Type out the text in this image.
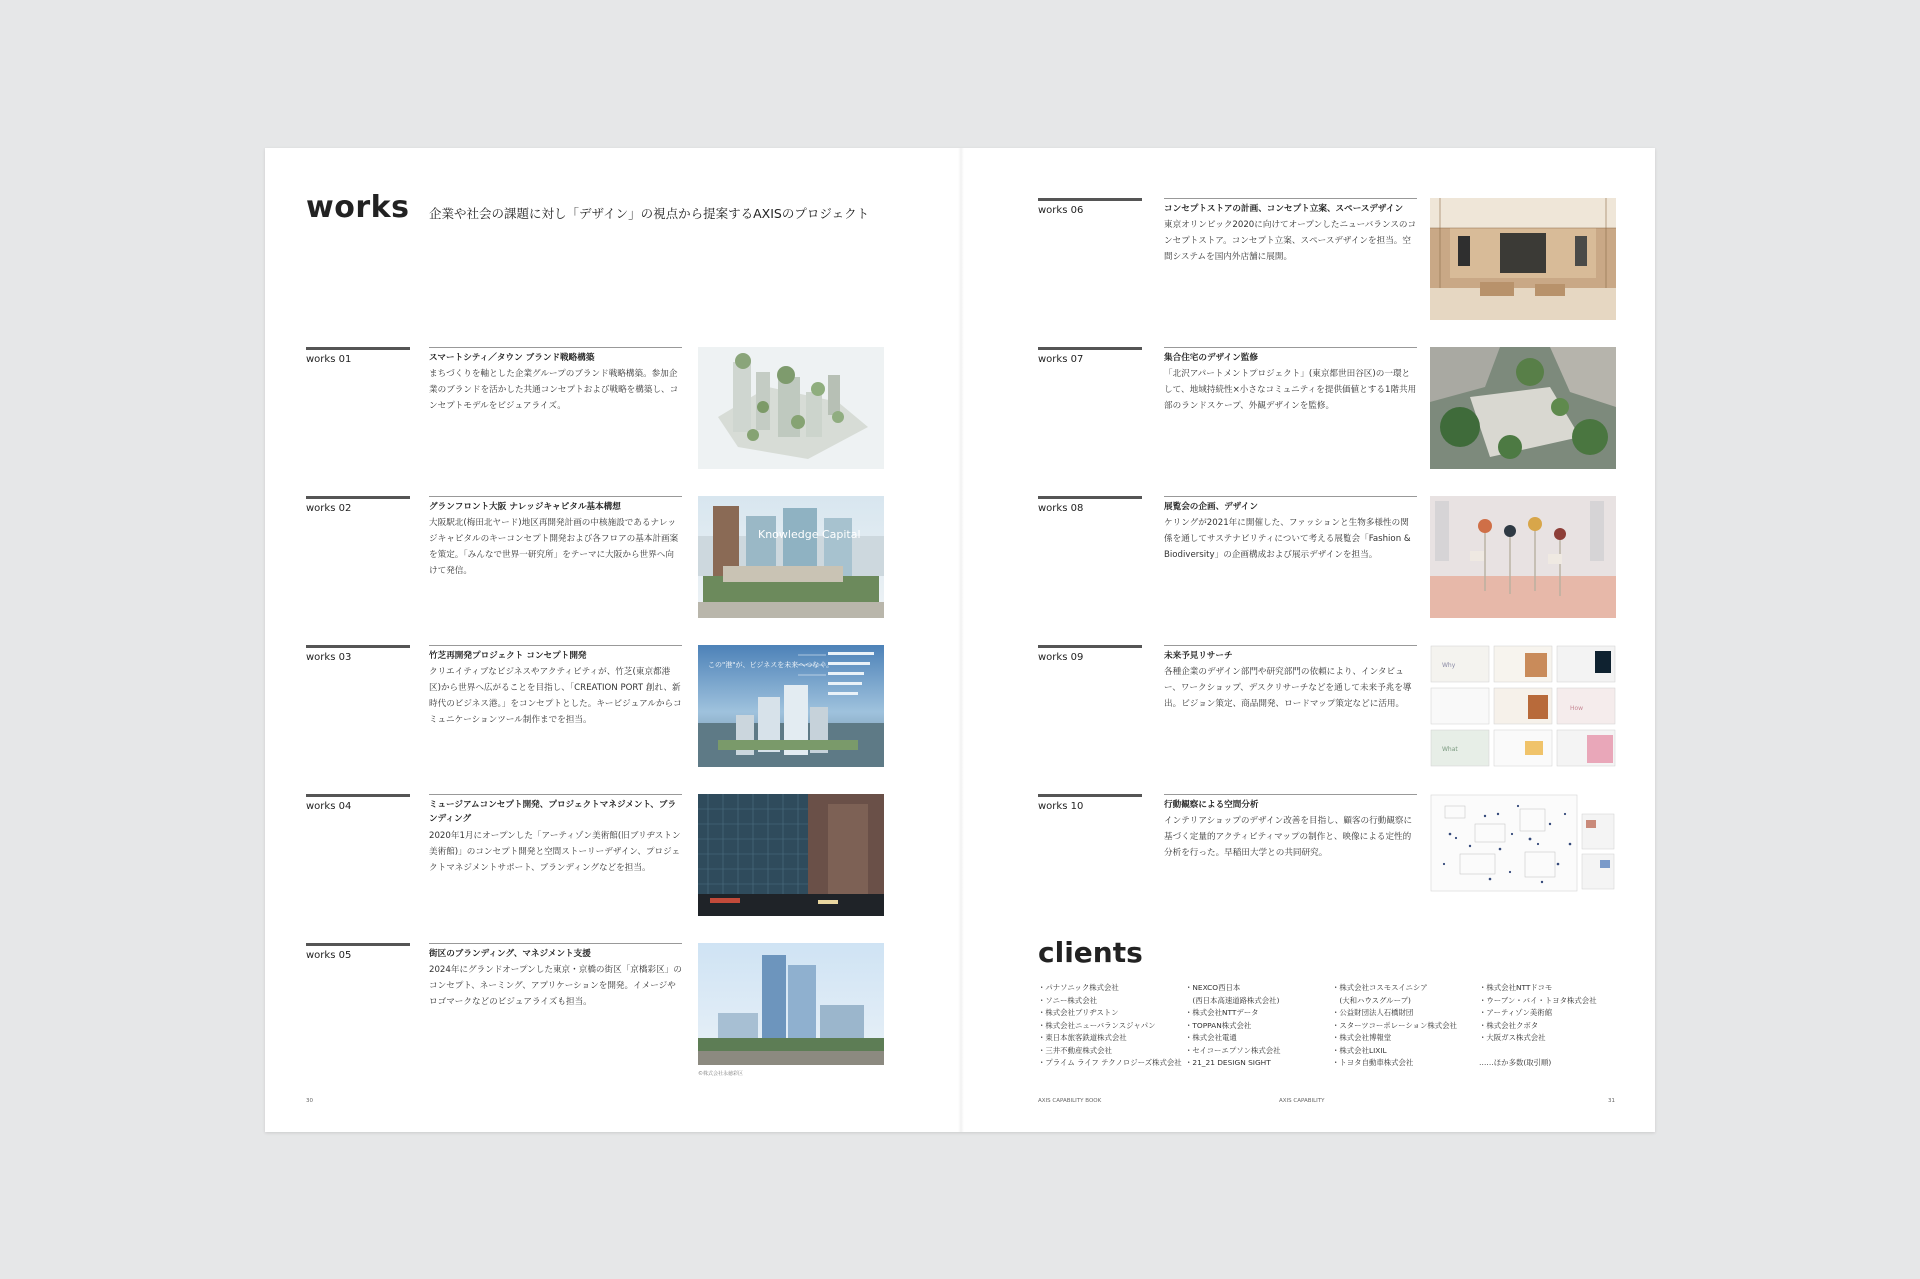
works 企業や社会の課題に対し「デザイン」の視点から提案するAXISのプロジェクト
works 01	スマートシティ／タウン ブランド戦略構築
まちづくりを軸とした企業グループのブランド戦略構築。参加企業のブランドを活かした共通コンセプトおよび戦略を構築し、コンセプトモデルをビジュアライズ。
works 02	グランフロント大阪 ナレッジキャピタル基本構想
大阪駅北(梅田北ヤード)地区再開発計画の中核施設であるナレッジキャピタルのキーコンセプト開発および各フロアの基本計画案を策定。「みんなで世界一研究所」をテーマに大阪から世界へ向けて発信。
Knowledge Capital
works 03	竹芝再開発プロジェクト コンセプト開発
クリエイティブなビジネスやアクティビティが、竹芝(東京都港区)から世界へ広がることを目指し、「CREATION PORT 創れ、新時代のビジネス港。」をコンセプトとした。キービジュアルからコミュニケーションツール制作までを担当。
この"港"が、ビジネスを未来へつなぐ。
works 04	ミュージアムコンセプト開発、プロジェクトマネジメント、ブランディング
2020年1月にオープンした「アーティゾン美術館(旧ブリヂストン美術館)」のコンセプト開発と空間ストーリーデザイン、プロジェクトマネジメントサポート、ブランディングなどを担当。
works 05	街区のブランディング、マネジメント支援
2024年にグランドオープンした東京・京橋の街区「京橋彩区」のコンセプト、ネーミング、アプリケーションを開発。イメージやロゴマークなどのビジュアライズも担当。
©株式会社永徳彩区
works 06	コンセプトストアの計画、コンセプト立案、スペースデザイン
東京オリンピック2020に向けてオープンしたニューバランスのコンセプトストア。コンセプト立案、スペースデザインを担当。空間システムを国内外店舗に展開。
works 07	集合住宅のデザイン監修
「北沢アパートメントプロジェクト」(東京都世田谷区)の一環として、地域持続性×小さなコミュニティを提供価値とする1階共用部のランドスケープ、外観デザインを監修。
works 08	展覧会の企画、デザイン
ケリングが2021年に開催した、ファッションと生物多様性の関係を通してサステナビリティについて考える展覧会「Fashion & Biodiversity」の企画構成および展示デザインを担当。
works 09	未来予見リサーチ
各種企業のデザイン部門や研究部門の依頼により、インタビュー、ワークショップ、デスクリサーチなどを通して未来予兆を導出。ビジョン策定、商品開発、ロードマップ策定などに活用。
Why
How
What
works 10	行動観察による空間分析
インテリアショップのデザイン改善を目指し、顧客の行動観察に基づく定量的アクティビティマップの制作と、映像による定性的分析を行った。早稲田大学との共同研究。
clients
・パナソニック株式会社
・ソニー株式会社
・株式会社ブリヂストン
・株式会社ニューバランスジャパン
・東日本旅客鉄道株式会社
・三井不動産株式会社
・プライム ライフ テクノロジーズ株式会社
・NEXCO西日本
　(西日本高速道路株式会社)
・株式会社NTTデータ
・TOPPAN株式会社
・株式会社電通
・セイコーエプソン株式会社
・21_21 DESIGN SIGHT
・株式会社コスモスイニシア
　(大和ハウスグループ)
・公益財団法人石橋財団
・スターツコーポレーション株式会社
・株式会社博報堂
・株式会社LIXIL
・トヨタ自動車株式会社
・株式会社NTTドコモ
・ウーブン・バイ・トヨタ株式会社
・アーティゾン美術館
・株式会社クボタ
・大阪ガス株式会社
……ほか多数(取引順)
30	AXIS CAPABILITY BOOK	AXIS CAPABILITY	31
